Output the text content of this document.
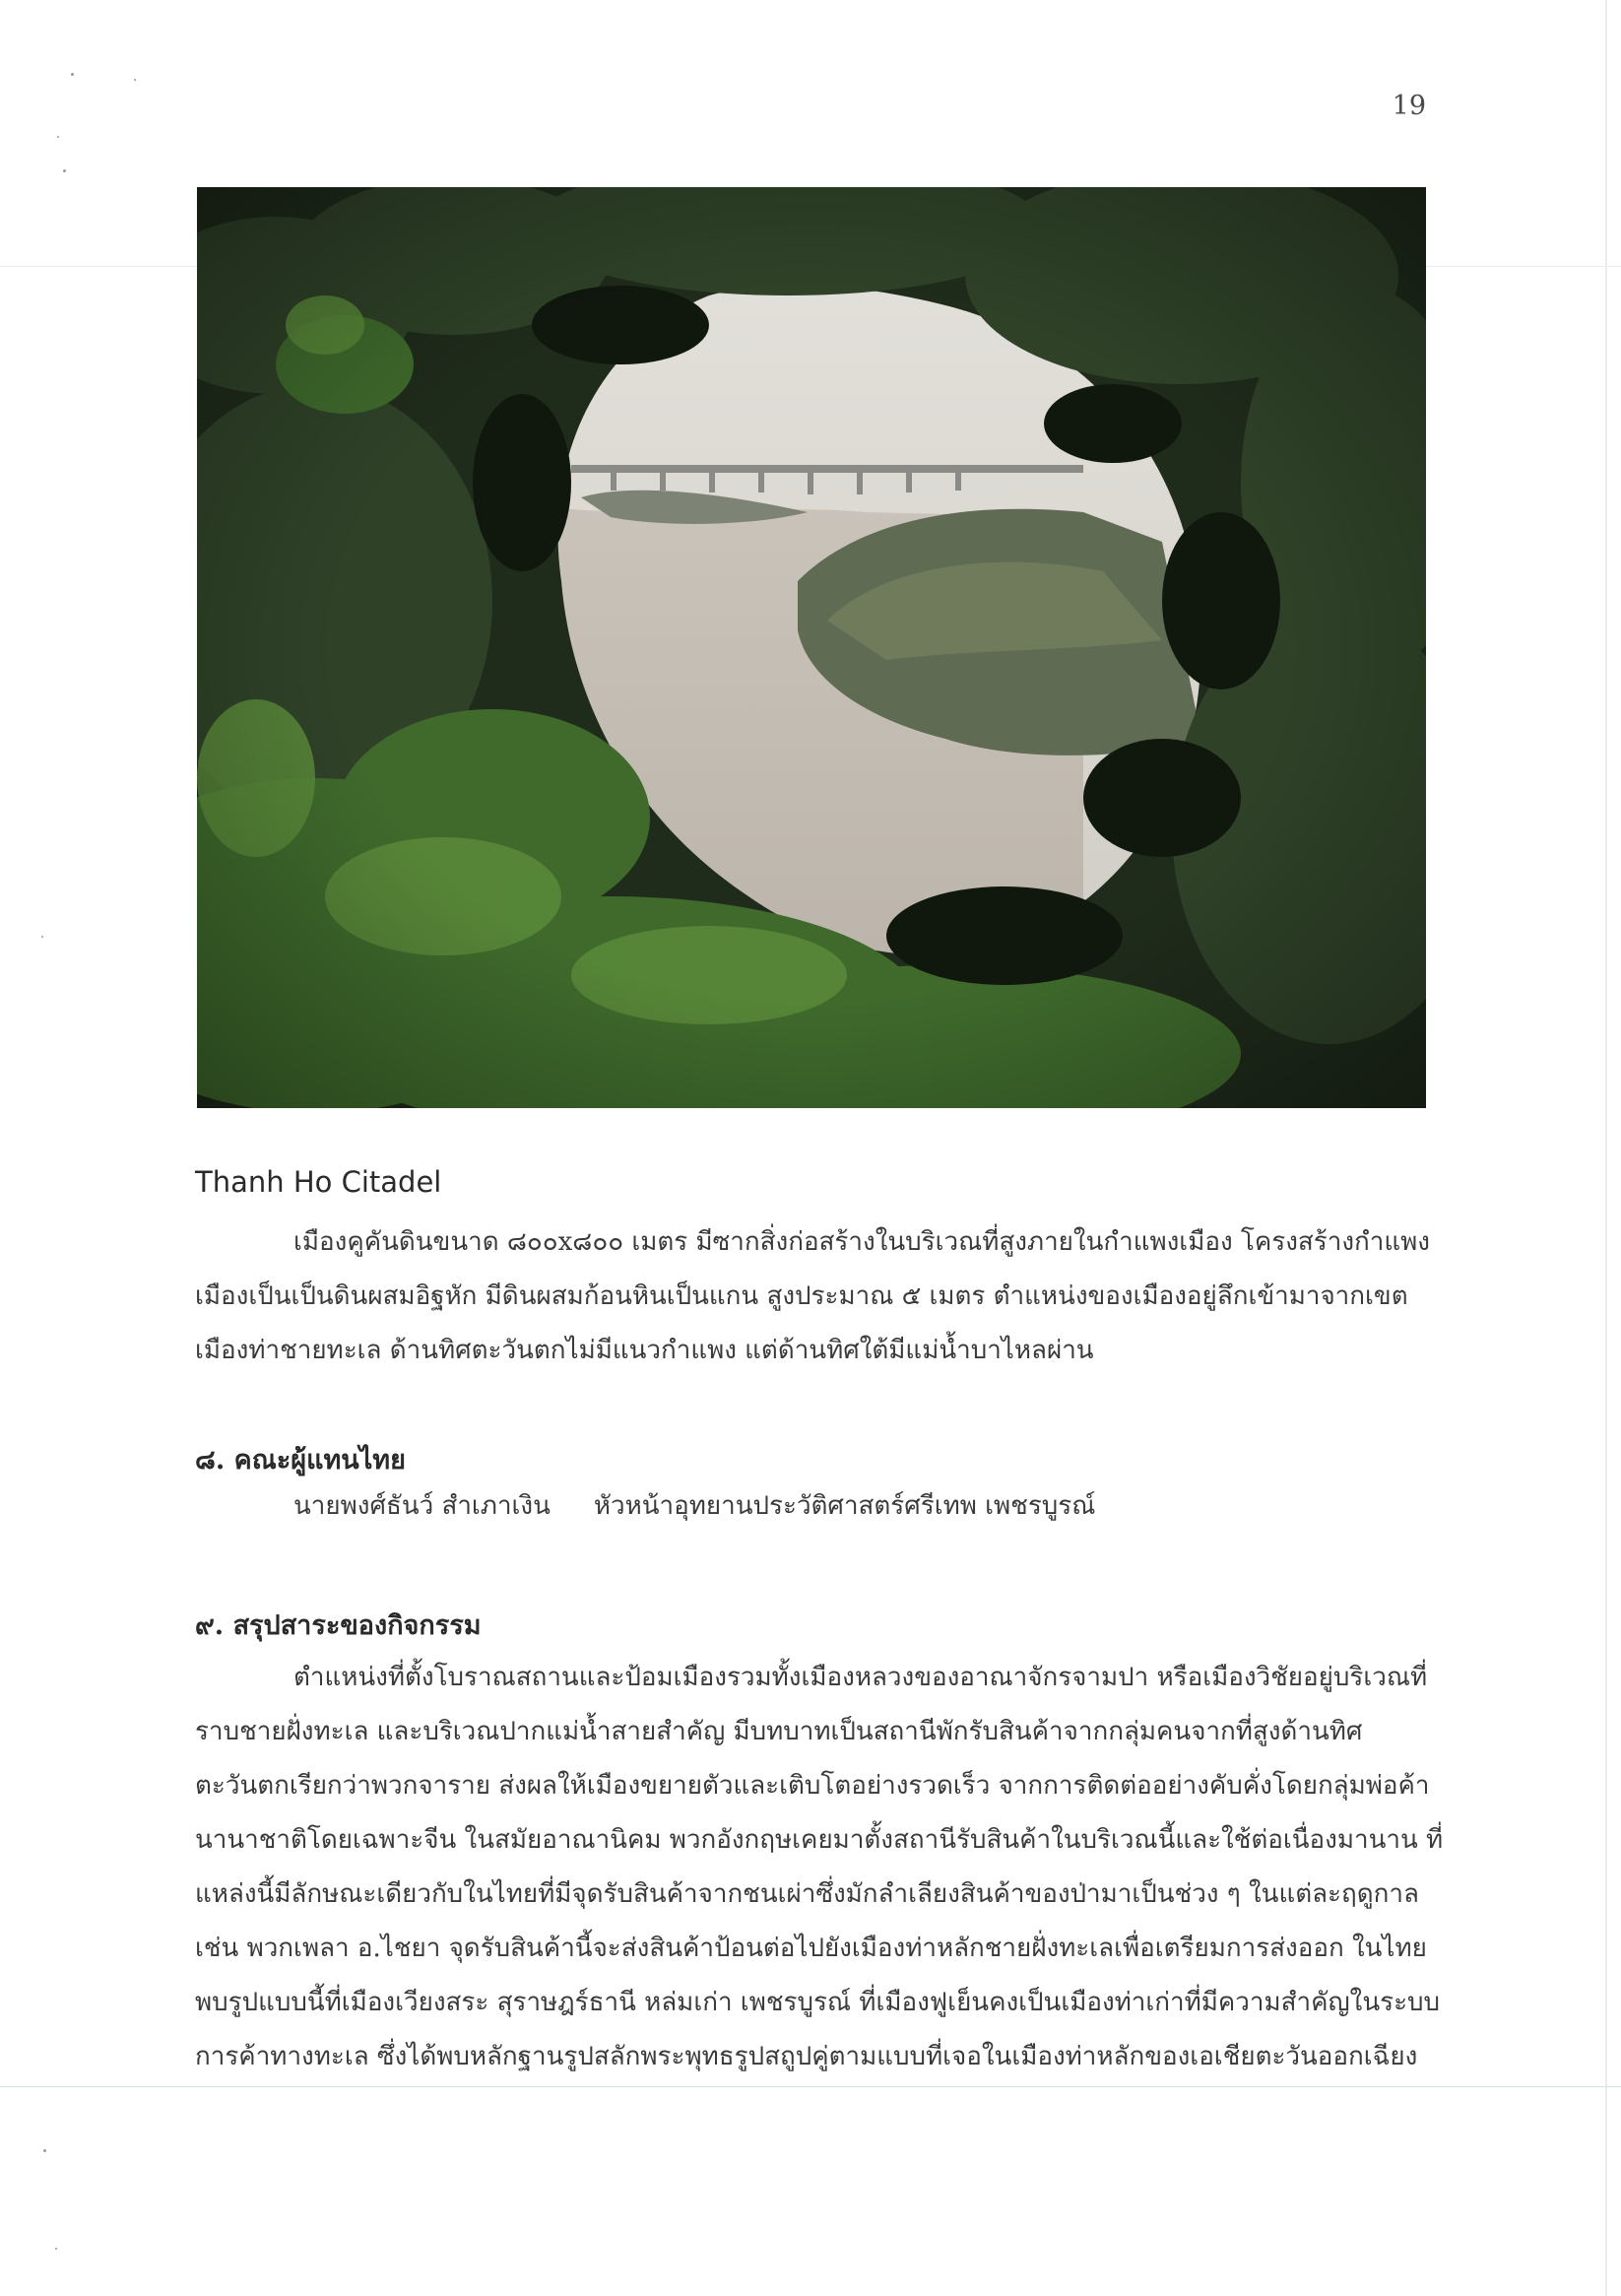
19
Thanh Ho Citadel
เมืองคูคันดินขนาด ๘๐๐x๘๐๐ เมตร มีซากสิ่งก่อสร้างในบริเวณที่สูงภายในกำแพงเมือง โครงสร้างกำแพง
เมืองเป็นเป็นดินผสมอิฐหัก มีดินผสมก้อนหินเป็นแกน สูงประมาณ ๕ เมตร ตำแหน่งของเมืองอยู่ลึกเข้ามาจากเขต
เมืองท่าชายทะเล ด้านทิศตะวันตกไม่มีแนวกำแพง แต่ด้านทิศใต้มีแม่น้ำบาไหลผ่าน
๘. คณะผู้แทนไทย
นายพงศ์ธันว์ สำเภาเงิน หัวหน้าอุทยานประวัติศาสตร์ศรีเทพ เพชรบูรณ์
๙. สรุปสาระของกิจกรรม
ตำแหน่งที่ตั้งโบราณสถานและป้อมเมืองรวมทั้งเมืองหลวงของอาณาจักรจามปา หรือเมืองวิชัยอยู่บริเวณที่
ราบชายฝั่งทะเล และบริเวณปากแม่น้ำสายสำคัญ มีบทบาทเป็นสถานีพักรับสินค้าจากกลุ่มคนจากที่สูงด้านทิศ
ตะวันตกเรียกว่าพวกจาราย ส่งผลให้เมืองขยายตัวและเติบโตอย่างรวดเร็ว จากการติดต่ออย่างคับคั่งโดยกลุ่มพ่อค้า
นานาชาติโดยเฉพาะจีน ในสมัยอาณานิคม พวกอังกฤษเคยมาตั้งสถานีรับสินค้าในบริเวณนี้และใช้ต่อเนื่องมานาน ที่
แหล่งนี้มีลักษณะเดียวกับในไทยที่มีจุดรับสินค้าจากชนเผ่าซึ่งมักลำเลียงสินค้าของป่ามาเป็นช่วง ๆ ในแต่ละฤดูกาล
เช่น พวกเพลา อ.ไชยา จุดรับสินค้านี้จะส่งสินค้าป้อนต่อไปยังเมืองท่าหลักชายฝั่งทะเลเพื่อเตรียมการส่งออก ในไทย
พบรูปแบบนี้ที่เมืองเวียงสระ สุราษฎร์ธานี หล่มเก่า เพชรบูรณ์ ที่เมืองฟูเย็นคงเป็นเมืองท่าเก่าที่มีความสำคัญในระบบ
การค้าทางทะเล ซึ่งได้พบหลักฐานรูปสลักพระพุทธรูปสถูปคู่ตามแบบที่เจอในเมืองท่าหลักของเอเชียตะวันออกเฉียง
